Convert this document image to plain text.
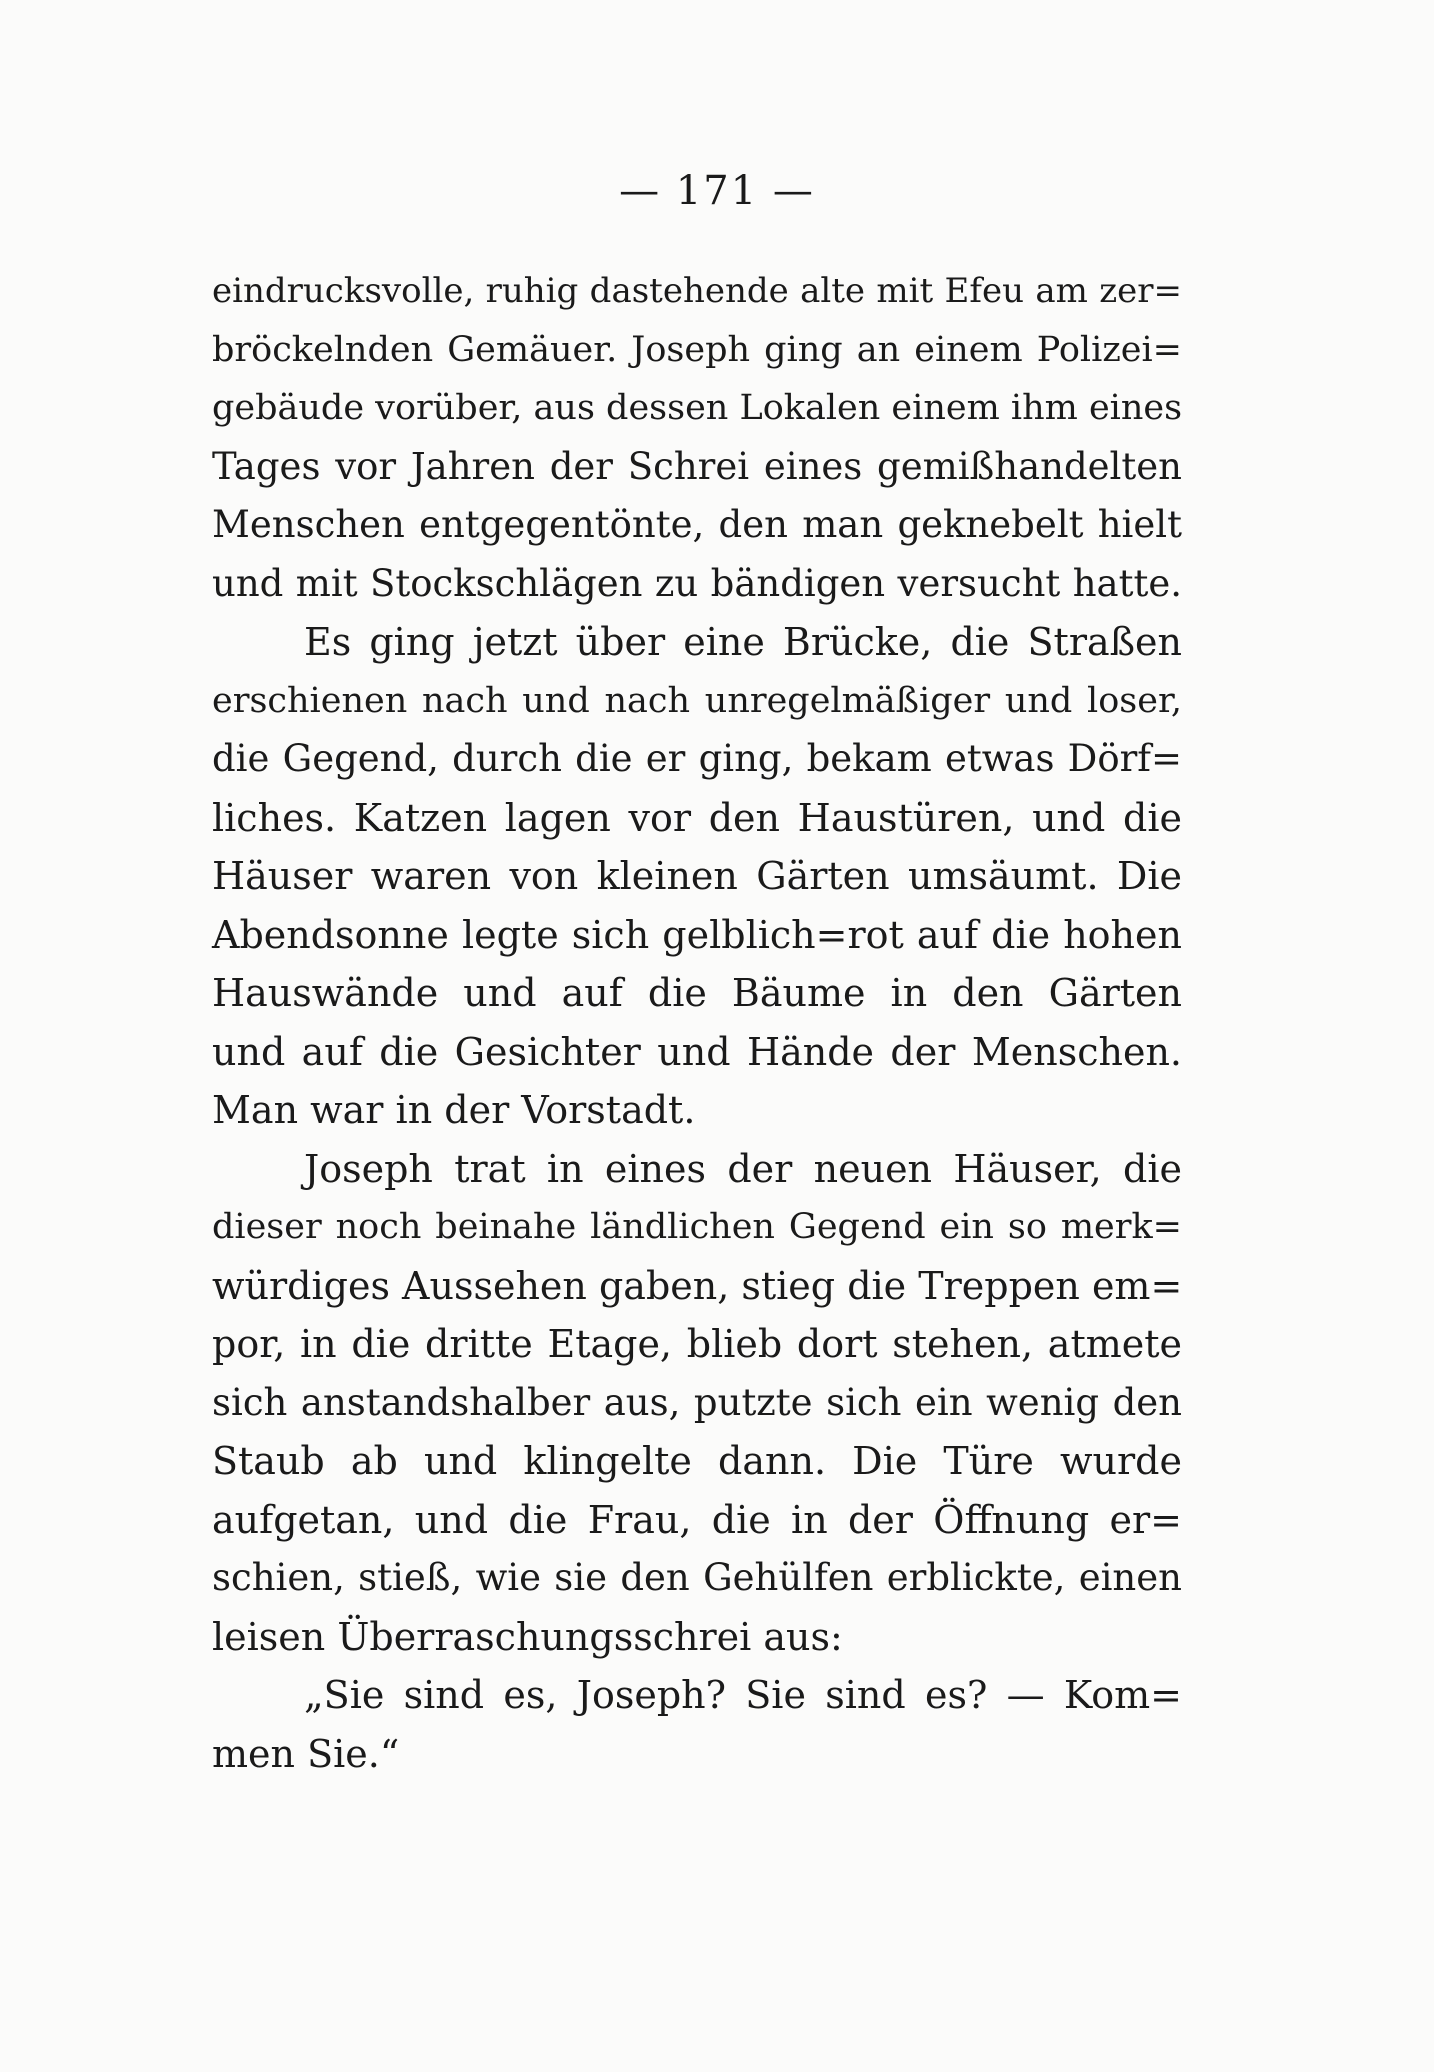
— 171 —
eindrucksvolle, ruhig dastehende alte mit Efeu am zer=
bröckelnden Gemäuer. Joseph ging an einem Polizei=
gebäude vorüber, aus dessen Lokalen einem ihm eines
Tages vor Jahren der Schrei eines gemißhandelten
Menschen entgegentönte, den man geknebelt hielt
und mit Stockschlägen zu bändigen versucht hatte.
Es ging jetzt über eine Brücke, die Straßen
erschienen nach und nach unregelmäßiger und loser,
die Gegend, durch die er ging, bekam etwas Dörf=
liches. Katzen lagen vor den Haustüren, und die
Häuser waren von kleinen Gärten umsäumt. Die
Abendsonne legte sich gelblich=rot auf die hohen
Hauswände und auf die Bäume in den Gärten
und auf die Gesichter und Hände der Menschen.
Man war in der Vorstadt.
Joseph trat in eines der neuen Häuser, die
dieser noch beinahe ländlichen Gegend ein so merk=
würdiges Aussehen gaben, stieg die Treppen em=
por, in die dritte Etage, blieb dort stehen, atmete
sich anstandshalber aus, putzte sich ein wenig den
Staub ab und klingelte dann. Die Türe wurde
aufgetan, und die Frau, die in der Öffnung er=
schien, stieß, wie sie den Gehülfen erblickte, einen
leisen Überraschungsschrei aus:
„Sie sind es, Joseph? Sie sind es? — Kom=
men Sie.“
